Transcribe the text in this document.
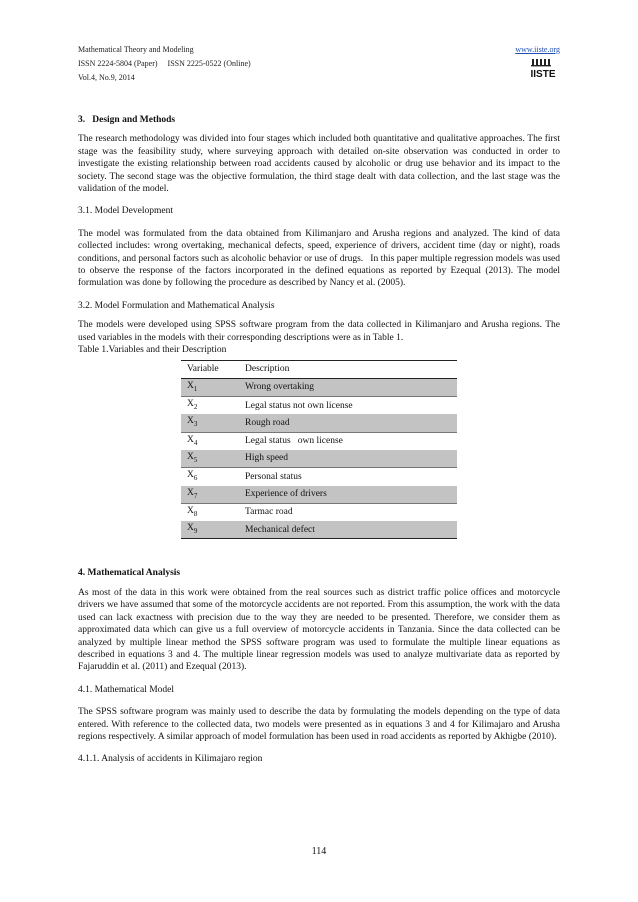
Mathematical Theory and Modeling
ISSN 2224-5804 (Paper)     ISSN 2225-0522 (Online)
Vol.4, No.9, 2014
www.iiste.org
IISTE

3.   Design and Methods

The research methodology was divided into four stages which included both quantitative and qualitative approaches. The first stage was the feasibility study, where surveying approach with detailed on-site observation was conducted in order to investigate the existing relationship between road accidents caused by alcoholic or drug use behavior and its impact to the society. The second stage was the objective formulation, the third stage dealt with data collection, and the last stage was the validation of the model.

3.1. Model Development

The model was formulated from the data obtained from Kilimanjaro and Arusha regions and analyzed. The kind of data collected includes: wrong overtaking, mechanical defects, speed, experience of drivers, accident time (day or night), roads conditions, and personal factors such as alcoholic behavior or use of drugs.   In this paper multiple regression models was used to observe the response of the factors incorporated in the defined equations as reported by Ezequal (2013). The model formulation was done by following the procedure as described by Nancy et al. (2005).

3.2. Model Formulation and Mathematical Analysis

The models were developed using SPSS software program from the data collected in Kilimanjaro and Arusha regions. The used variables in the models with their corresponding descriptions were as in Table 1.

Table 1.Variables and their Description

Variable	Description
$X_1$	Wrong overtaking
$X_2$	Legal status not own license
$X_3$	Rough road
$X_4$	Legal status   own license
$X_5$	High speed
$X_6$	Personal status
$X_7$	Experience of drivers
$X_8$	Tarmac road
$X_9$	Mechanical defect

4. Mathematical Analysis

As most of the data in this work were obtained from the real sources such as district traffic police offices and motorcycle drivers we have assumed that some of the motorcycle accidents are not reported. From this assumption, the work with the data used can lack exactness with precision due to the way they are needed to be presented. Therefore, we consider them as approximated data which can give us a full overview of motorcycle accidents in Tanzania. Since the data collected can be analyzed by multiple linear method the SPSS software program was used to formulate the multiple linear equations as described in equations 3 and 4. The multiple linear regression models was used to analyze multivariate data as reported by Fajaruddin et al. (2011) and Ezequal (2013).

4.1. Mathematical Model

The SPSS software program was mainly used to describe the data by formulating the models depending on the type of data entered. With reference to the collected data, two models were presented as in equations 3 and 4 for Kilimajaro and Arusha regions respectively. A similar approach of model formulation has been used in road accidents as reported by Akhigbe (2010).

4.1.1. Analysis of accidents in Kilimajaro region

114
